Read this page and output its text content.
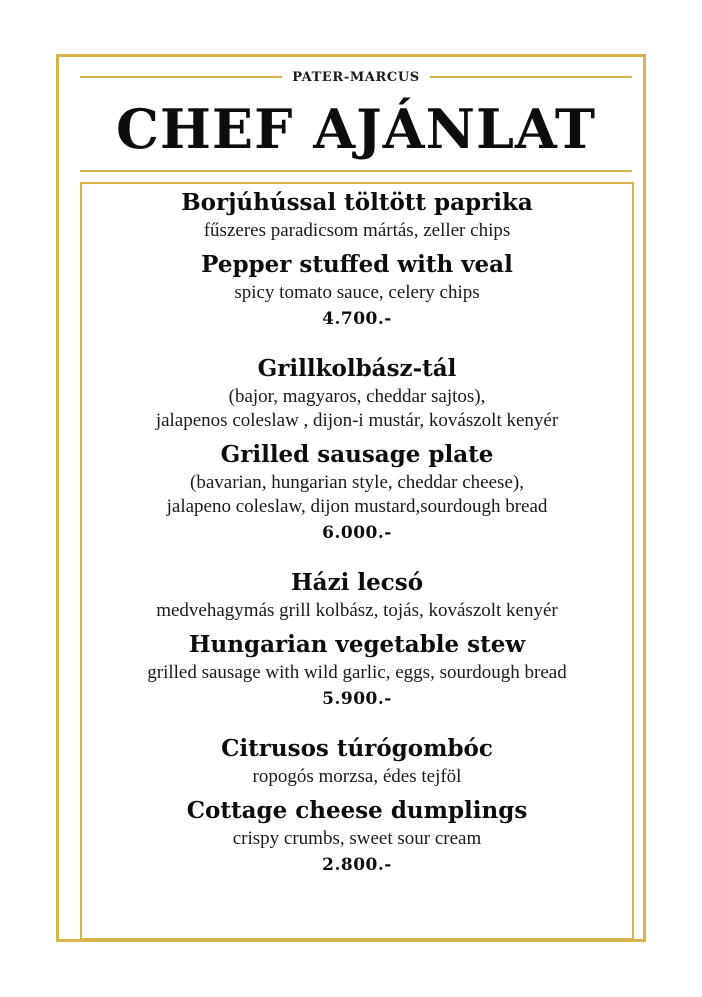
PATER-MARCUS
CHEF AJÁNLAT
Borjúhússal töltött paprika
fűszeres paradicsom mártás, zeller chips
Pepper stuffed with veal
spicy tomato sauce, celery chips
4.700.-
Grillkolbász-tál
(bajor, magyaros, cheddar sajtos),
jalapenos coleslaw , dijon-i mustár, kovászolt kenyér
Grilled sausage plate
(bavarian, hungarian style, cheddar cheese),
jalapeno coleslaw, dijon mustard,sourdough bread
6.000.-
Házi lecsó
medvehagymás grill kolbász, tojás, kovászolt kenyér
Hungarian vegetable stew
grilled sausage with wild garlic, eggs, sourdough bread
5.900.-
Citrusos túrógombóc
ropogós morzsa, édes tejföl
Cottage cheese dumplings
crispy crumbs, sweet sour cream
2.800.-
